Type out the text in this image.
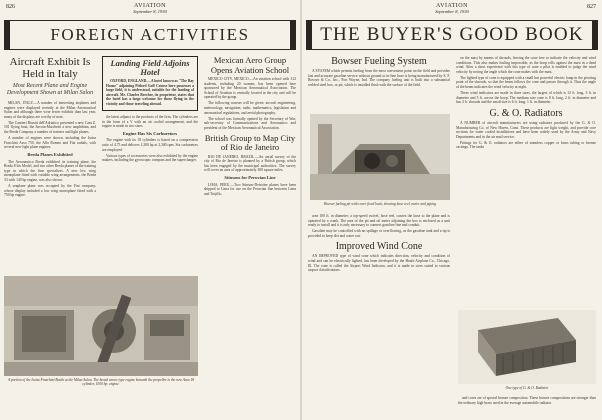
826	AVIATION
September 8, 1930
FOREIGN ACTIVITIES
Aircraft Exhibit Is Held in Italy
Most Recent Plane and Engine Development Shown at Milan Salon

MILAN, ITALY.—A number of interesting airplanes and engines were displayed recently at the Milan Aeronautical Salon and although there were fewer exhibits than last year, many of the displays are worthy of note.

The Cantieri Riuniti dell'Adriatico presented a new Cant Z. 501 flying boat, the Savoia-Marchetti a new amphibian, and the Breda Company a number of trainers and light planes.

A number of engines were shown, including the Isotta Fraschini Asso 750, the Alfa Romeo and Fiat radials, with several new light plane engines.

Breda Planes Exhibited

The Aeronautica Breda exhibited its training plane, the Breda 8 bis Model, and two other Breda planes of the training type in which the firm specializes. A new low wing monoplane fitted with variable wing arrangements, the Breda 33 with 140 hp engine, was also shown.

A seaplane plane was occupied by the Fiat company, whose display included a low wing monoplane fitted with a 750 hp engine.

Landing Field Adjoins Hotel

OXFORD, ENGLAND.—A hotel known as "The Bay House" adjoining Pitford Golf Course here possesses a large field, it is understood, suitable for the landing of aircraft. Mr. Charles Beecher, its proprietor, states that the hotel has a large welcome for those flying in the vicinity and those traveling abroad.

the latest adjunct to the products of the firm. The cylinders are in the form of a V with an air cooled arrangement, and the engine is made in two sizes.

Engine Has Six Carburetors

The engine with its 18 cylinders is based on a compression ratio of 4.75 and delivers 1,200 hp at 2,300 rpm. Six carburetors are employed.

Various types of accessories were also exhibited by the engine makers, including the gyroscopic compass and the supercharger.

Mexican Aero Group Opens Aviation School

MEXICO CITY, MEXICO.—An aviation school with 312 students, including 20 women, has been opened here sponsored by the Mexican Aeronautical Association. The School of Aviation is centrally located in the city and will be operated by the group.

The following courses will be given: aircraft engineering, meteorology, navigation, radio, mathematics, legislation and aeronautical regulations, and aerial photography.

The school was formally opened by the Secretary of War, sub-secretary of Communications and Aeronautics and president of the Mexican Aeronautical Association.

British Group to Map City of Rio de Janeiro

RIO DE JANEIRO, BRAZIL.—An aerial survey of the city of Rio de Janeiro is planned by a British group, which has been engaged by the municipal authorities. The survey will cover an area of approximately 300 square miles.

Stinsons for Peruvian Line

LIMA, PERU.—Two Stinson-Detroiter planes have been shipped to Lima for use on the Peruvian line between Lima and Trujillo.

A portion of the Isotta Fraschini Booth at the Milan Salon. The broad arrow type engine beneath the propeller is the new Asso 18 cylinder, 1000 hp. engine.
AVIATION
September 8, 1930
827
THE BUYER'S GOOD BOOK
Bowser Fueling System

A SYSTEM which permits fueling from the most convenient point on the field and provides fast and accurate gasoline service without ground or in-line hose is being manufactured by S. F. Bowser & Co., Inc., Fort Wayne, Ind. The company fueling unit is built into a substantial welded steel box, or pit, which is installed flush with the surface of the field.

Bowser fueling pit with cover fixed back, showing hose reel, meter and piping

area 100 ft. in diameter; a top-speed swivel, hose reel, carries the hose to the plane and is operated by a crank. The area of the pit and oil meter adjoining the box is enclosed as a unit ready to install and it is only necessary to connect gasoline line and conduit.

Gasoline may be controlled with no spillage or overflowing, as the gasoline tank and a tip is provided to keep dirt and water out.

Improved Wind Cone

AN IMPROVED type of wind cone which indicates direction, velocity and condition of wind and can be electrically lighted, has been developed by the Heath Airplane Co., Chicago, Ill. The cone is called the Airport Wind Indicator, and it is made in sizes suited to various airport classifications.

on the mast by means of shrouds, leaving the cone free to indicate the velocity and wind conditions. This also makes fouling impossible, as the hoop rolls against the mast in a dead wind. After a short experience with this type of cone a pilot is enabled to judge the wind velocity by noting the angle which the cone makes with the mast.

The lighted type of cone is equipped with a small but powerful electric lamp in the pivoting point of the shrouds, so that the beam follows the cone and passes through it. Thus the angle of the beam indicates the wind velocity at night.

These wind indicators are made in three sizes, the largest of which is 12 ft. long, 3 ft. in diameter and 5 ft. across the hoop. The medium size cone is 8 ft. long, 2 ft. in diameter and has 4 ft. shrouds and the small size is 6 ft. long, 1 ft. in diameter.

G. & O. Radiators

A NUMBER of aircraft manufacturers are using radiators produced by the G. & O. Manufacturing Co. of New Haven, Conn. These products are light weight, and provide core sections for water cooled installations and have been widely used by the Army and Navy Departments and in the air mail service.

Fittings for G. & O. radiators are either of seamless copper or brass tubing or bronze castings. The tanks

One type of G. & O. Radiator

and cores are of special bronze composition. These bronze compositions are stronger than the ordinary high brass used in the average automobile radiator.
